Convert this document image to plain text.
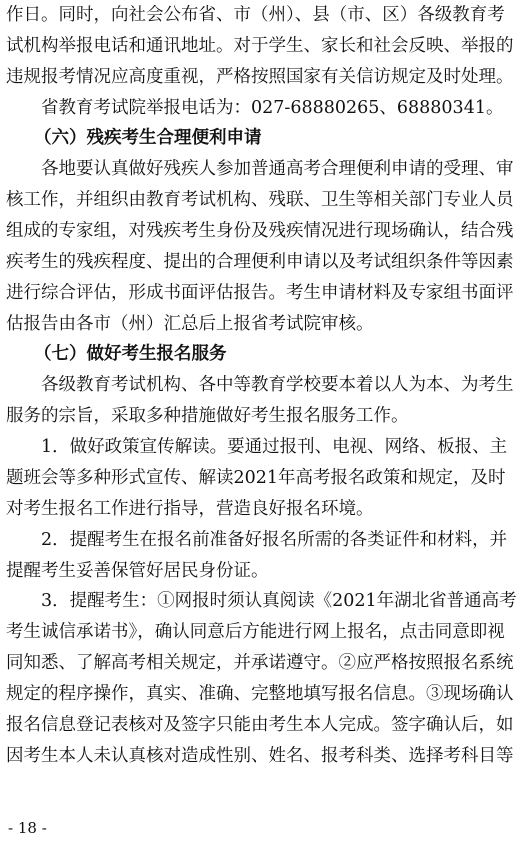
作日。同时，向社会公布省、市（州）、县（市、区）各级教育考
试机构举报电话和通讯地址。对于学生、家长和社会反映、举报的
违规报考情况应高度重视，严格按照国家有关信访规定及时处理。
省教育考试院举报电话为：027-68880265、68880341。
（六）残疾考生合理便利申请
各地要认真做好残疾人参加普通高考合理便利申请的受理、审
核工作，并组织由教育考试机构、残联、卫生等相关部门专业人员
组成的专家组，对残疾考生身份及残疾情况进行现场确认，结合残
疾考生的残疾程度、提出的合理便利申请以及考试组织条件等因素
进行综合评估，形成书面评估报告。考生申请材料及专家组书面评
估报告由各市（州）汇总后上报省考试院审核。
（七）做好考生报名服务
各级教育考试机构、各中等教育学校要本着以人为本、为考生
服务的宗旨，采取多种措施做好考生报名服务工作。
1．做好政策宣传解读。要通过报刊、电视、网络、板报、主
题班会等多种形式宣传、解读2021年高考报名政策和规定，及时
对考生报名工作进行指导，营造良好报名环境。
2．提醒考生在报名前准备好报名所需的各类证件和材料，并
提醒考生妥善保管好居民身份证。
3．提醒考生：①网报时须认真阅读《2021年湖北省普通高考
考生诚信承诺书》，确认同意后方能进行网上报名，点击同意即视
同知悉、了解高考相关规定，并承诺遵守。②应严格按照报名系统
规定的程序操作，真实、准确、完整地填写报名信息。③现场确认
报名信息登记表核对及签字只能由考生本人完成。签字确认后，如
因考生本人未认真核对造成性别、姓名、报考科类、选择考科目等
- 18 -
